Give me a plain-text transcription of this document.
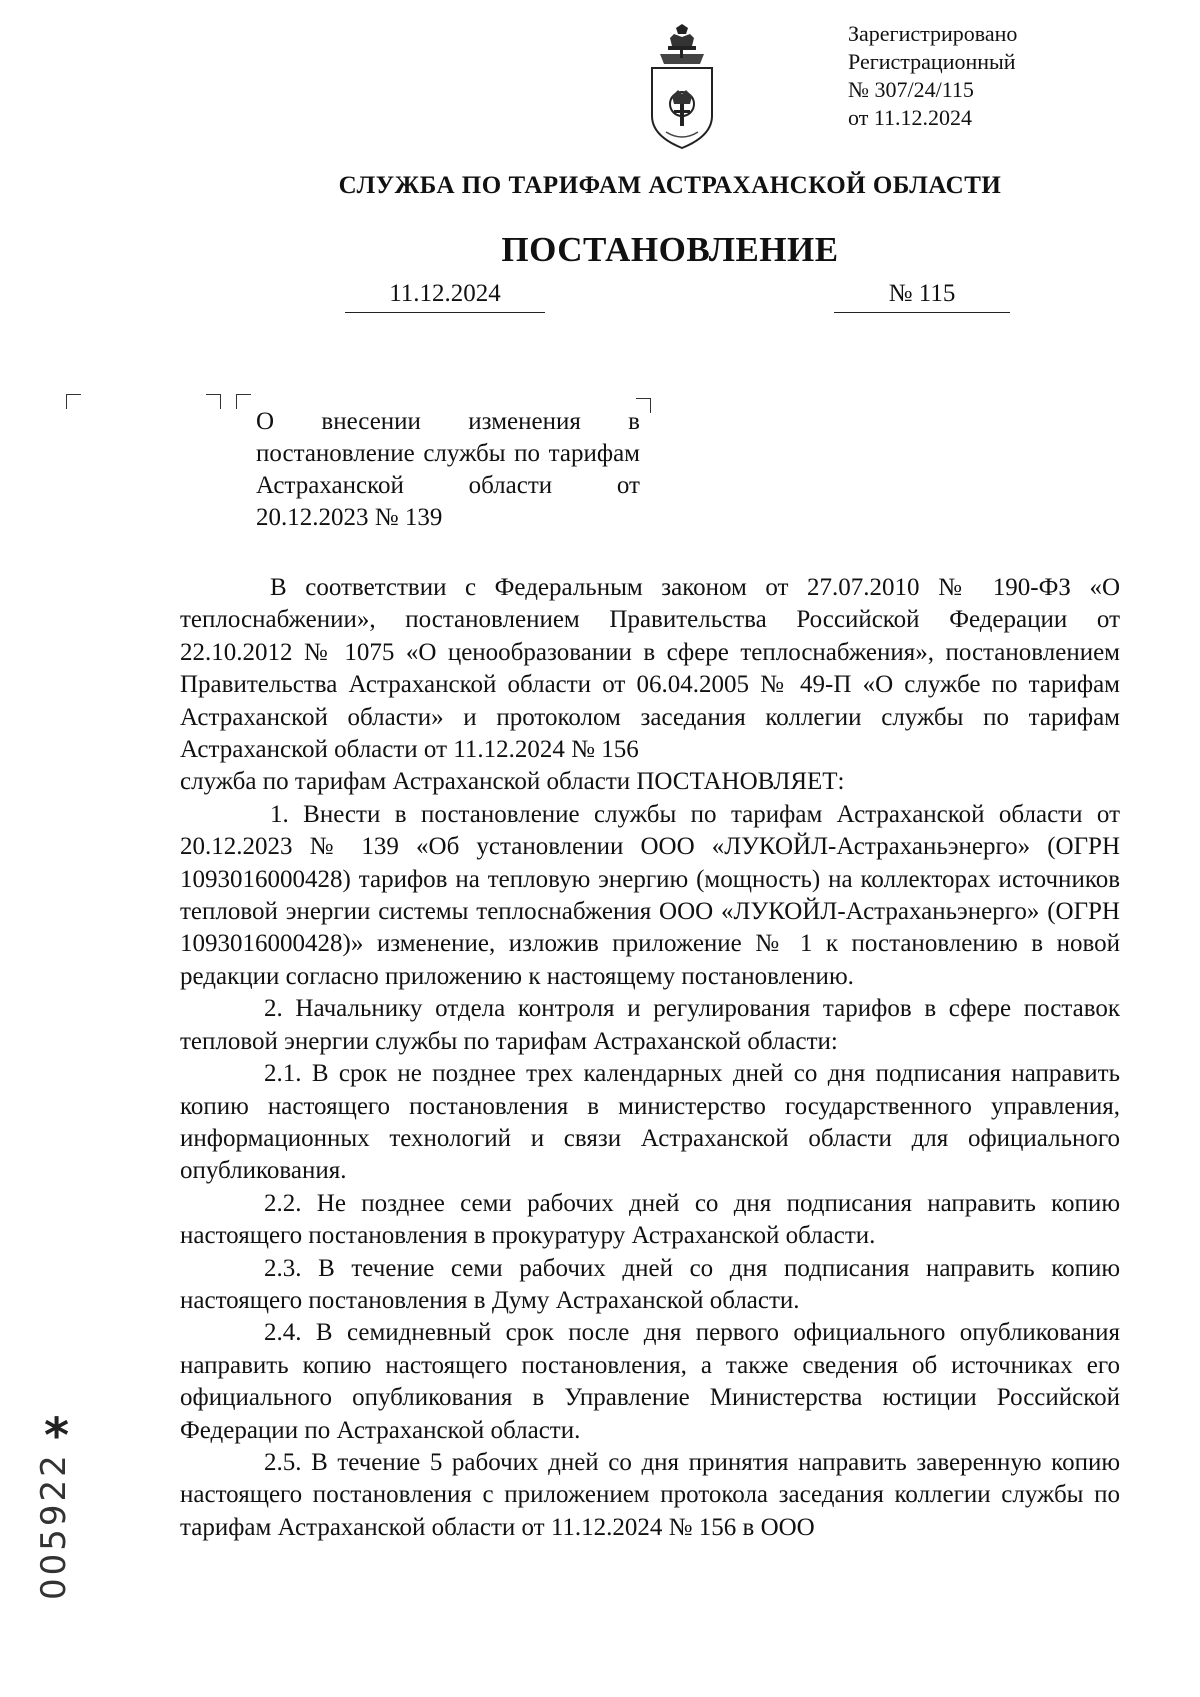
Зарегистрировано
Регистрационный
№ 307/24/115
от 11.12.2024
СЛУЖБА ПО ТАРИФАМ АСТРАХАНСКОЙ ОБЛАСТИ
ПОСТАНОВЛЕНИЕ
11.12.2024	№ 115
О внесении изменения в постановление службы по тарифам Астраханской области от 20.12.2023 № 139

В соответствии с Федеральным законом от 27.07.2010 № 190-ФЗ «О теплоснабжении», постановлением Правительства Российской Федерации от 22.10.2012 № 1075 «О ценообразовании в сфере теплоснабжения», постановлением Правительства Астраханской области от 06.04.2005 № 49-П «О службе по тарифам Астраханской области» и протоколом заседания коллегии службы по тарифам Астраханской области от 11.12.2024 № 156

служба по тарифам Астраханской области ПОСТАНОВЛЯЕТ:

1. Внести в постановление службы по тарифам Астраханской области от 20.12.2023 № 139 «Об установлении ООО «ЛУКОЙЛ-Астраханьэнерго» (ОГРН 1093016000428) тарифов на тепловую энергию (мощность) на коллекторах источников тепловой энергии системы теплоснабжения ООО «ЛУКОЙЛ-Астраханьэнерго» (ОГРН 1093016000428)» изменение, изложив приложение № 1 к постановлению в новой редакции согласно приложению к настоящему постановлению.

2. Начальнику отдела контроля и регулирования тарифов в сфере поставок тепловой энергии службы по тарифам Астраханской области:

2.1. В срок не позднее трех календарных дней со дня подписания направить копию настоящего постановления в министерство государственного управления, информационных технологий и связи Астраханской области для официального опубликования.

2.2. Не позднее семи рабочих дней со дня подписания направить копию настоящего постановления в прокуратуру Астраханской области.

2.3. В течение семи рабочих дней со дня подписания направить копию настоящего постановления в Думу Астраханской области.

2.4. В семидневный срок после дня первого официального опубликования направить копию настоящего постановления, а также сведения об источниках его официального опубликования в Управление Министерства юстиции Российской Федерации по Астраханской области.

2.5. В течение 5 рабочих дней со дня принятия направить заверенную копию настоящего постановления с приложением протокола заседания коллегии службы по тарифам Астраханской области от 11.12.2024 № 156 в ООО

*
005922
